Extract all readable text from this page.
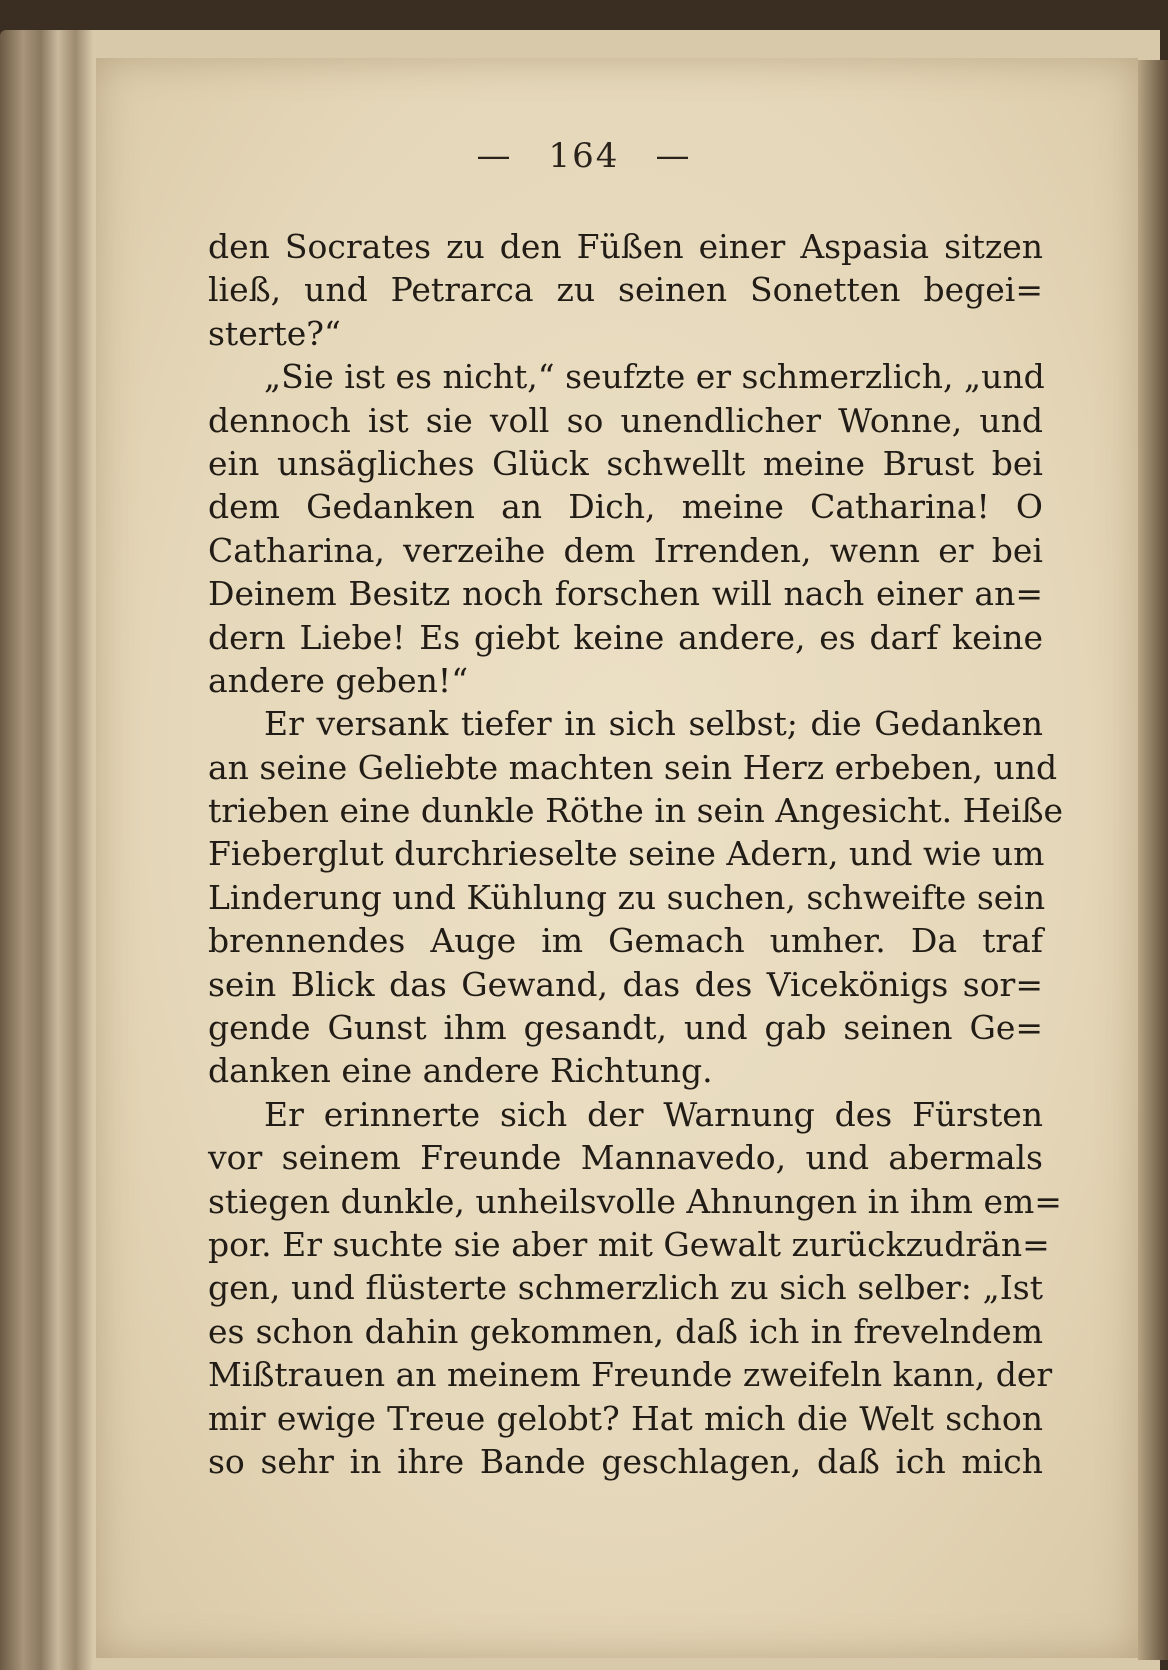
— 164 —
den Socrates zu den Füßen einer Aspasia sitzen
ließ, und Petrarca zu seinen Sonetten begei=
sterte?“
„Sie ist es nicht,“ seufzte er schmerzlich, „und
dennoch ist sie voll so unendlicher Wonne, und
ein unsägliches Glück schwellt meine Brust bei
dem Gedanken an Dich, meine Catharina! O
Catharina, verzeihe dem Irrenden, wenn er bei
Deinem Besitz noch forschen will nach einer an=
dern Liebe! Es giebt keine andere, es darf keine
andere geben!“
Er versank tiefer in sich selbst; die Gedanken
an seine Geliebte machten sein Herz erbeben, und
trieben eine dunkle Röthe in sein Angesicht. Heiße
Fieberglut durchrieselte seine Adern, und wie um
Linderung und Kühlung zu suchen, schweifte sein
brennendes Auge im Gemach umher. Da traf
sein Blick das Gewand, das des Vicekönigs sor=
gende Gunst ihm gesandt, und gab seinen Ge=
danken eine andere Richtung.
Er erinnerte sich der Warnung des Fürsten
vor seinem Freunde Mannavedo, und abermals
stiegen dunkle, unheilsvolle Ahnungen in ihm em=
por. Er suchte sie aber mit Gewalt zurückzudrän=
gen, und flüsterte schmerzlich zu sich selber: „Ist
es schon dahin gekommen, daß ich in frevelndem
Mißtrauen an meinem Freunde zweifeln kann, der
mir ewige Treue gelobt? Hat mich die Welt schon
so sehr in ihre Bande geschlagen, daß ich mich
